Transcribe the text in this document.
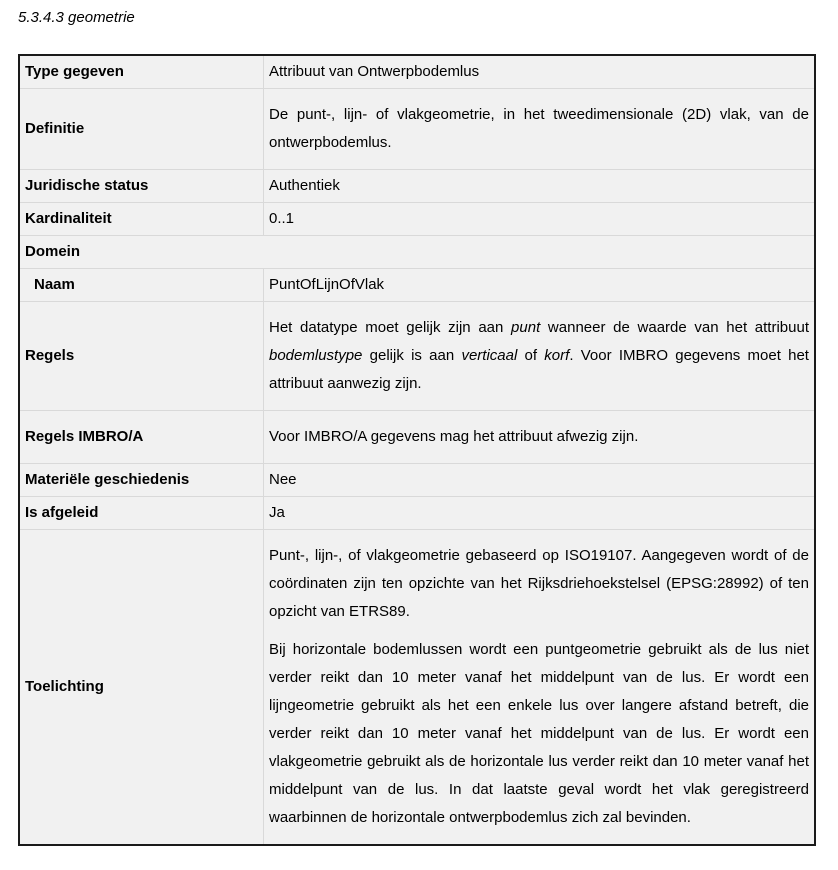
5.3.4.3 geometrie
Type gegeven	Attribuut van Ontwerpbodemlus
Definitie	De punt-, lijn- of vlakgeometrie, in het tweedimensionale (2D) vlak, van de ontwerpbodemlus.

Juridische status	Authentiek
Kardinaliteit	0..1
Domein	
Naam	PuntOfLijnOfVlak
Regels	Het datatype moet gelijk zijn aan punt wanneer de waarde van het attribuut bodemlustype gelijk is aan verticaal of korf. Voor IMBRO gegevens moet het attribuut aanwezig zijn.

Regels IMBRO/A	Voor IMBRO/A gegevens mag het attribuut afwezig zijn.

Materiële geschiedenis	Nee
Is afgeleid	Ja
Toelichting	Punt-, lijn-, of vlakgeometrie gebaseerd op ISO19107. Aangegeven wordt of de coördinaten zijn ten opzichte van het Rijksdriehoekstelsel (EPSG:28992) of ten opzicht van ETRS89.

Bij horizontale bodemlussen wordt een puntgeometrie gebruikt als de lus niet verder reikt dan 10 meter vanaf het middelpunt van de lus. Er wordt een lijngeometrie gebruikt als het een enkele lus over langere afstand betreft, die verder reikt dan 10 meter vanaf het middelpunt van de lus. Er wordt een vlakgeometrie gebruikt als de horizontale lus verder reikt dan 10 meter vanaf het middelpunt van de lus. In dat laatste geval wordt het vlak geregistreerd waarbinnen de horizontale ontwerpbodemlus zich zal bevinden.
